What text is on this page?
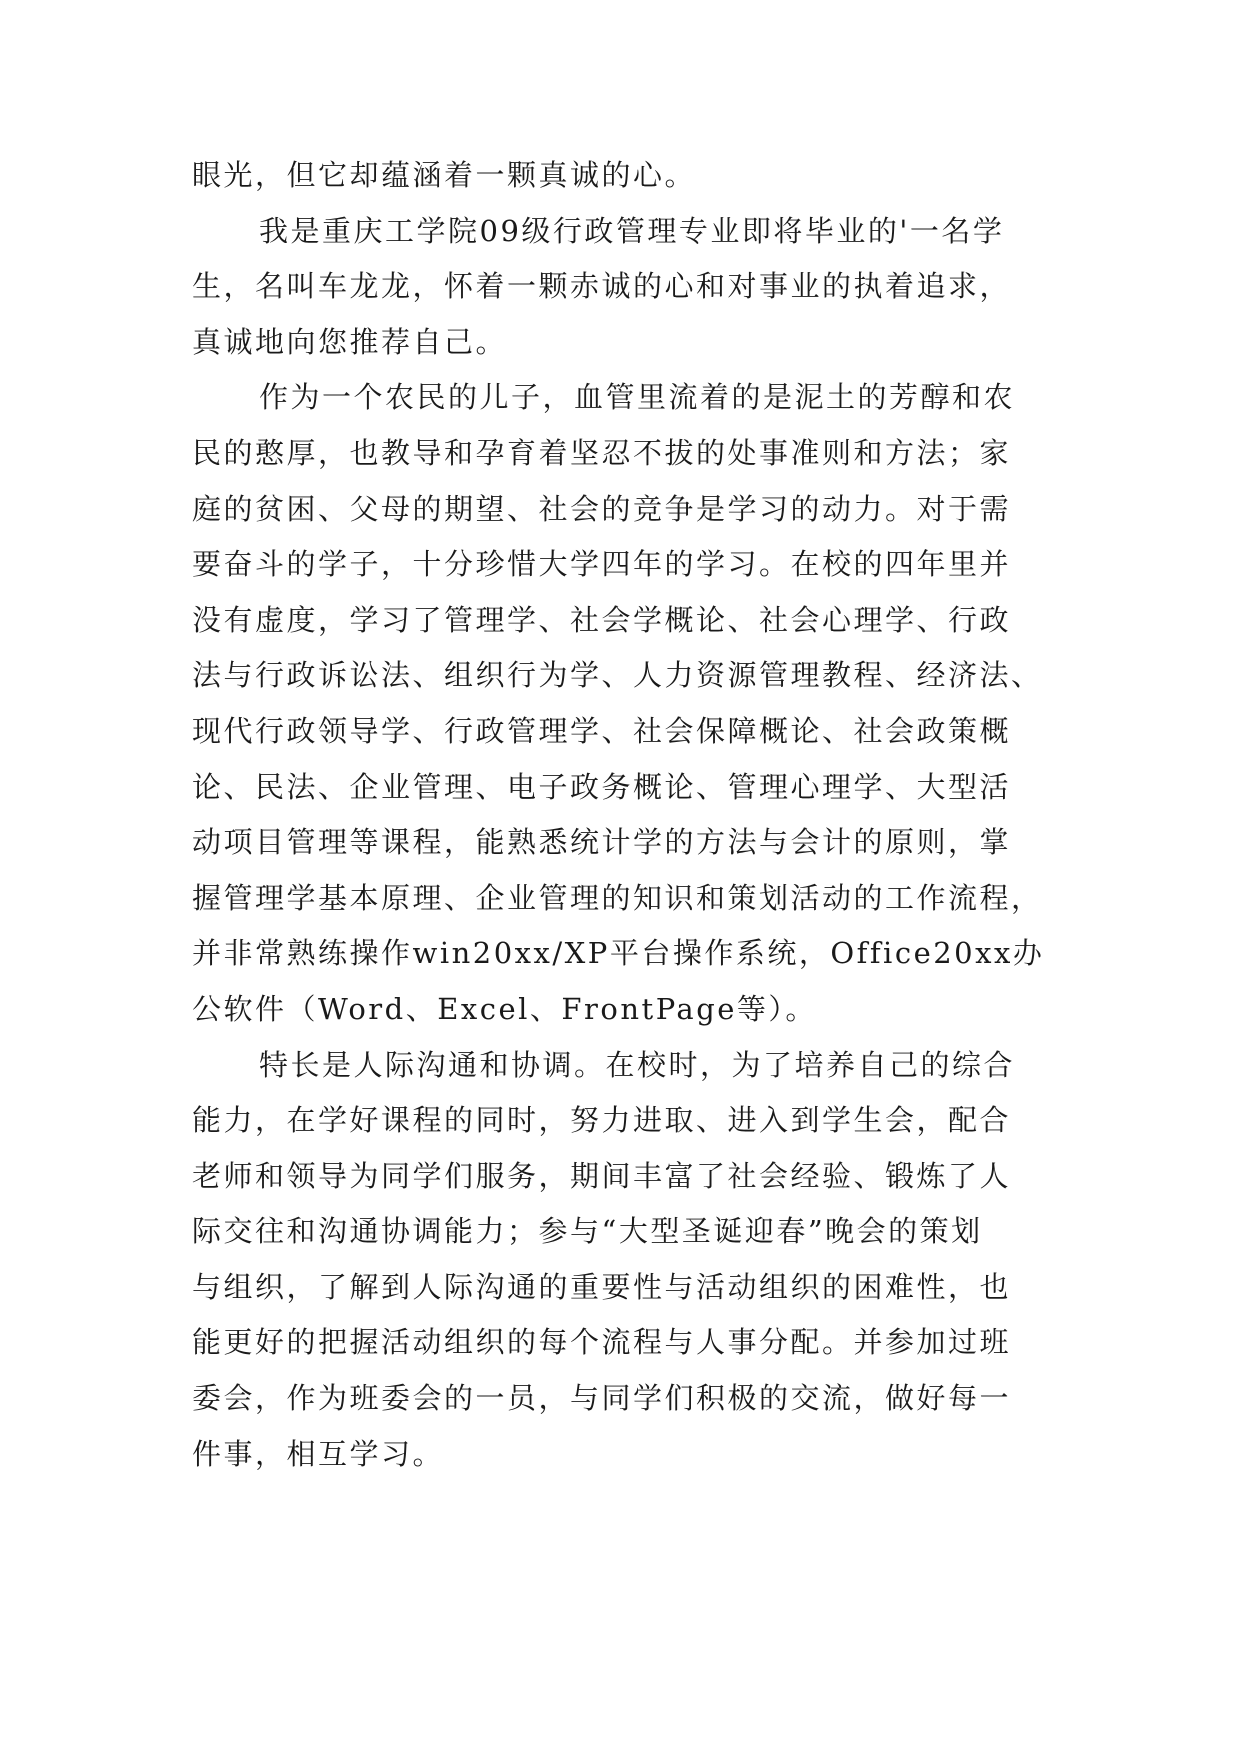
眼光，但它却蕴涵着一颗真诚的心。
我是重庆工学院09级行政管理专业即将毕业的'一名学
生，名叫车龙龙，怀着一颗赤诚的心和对事业的执着追求，
真诚地向您推荐自己。
作为一个农民的儿子，血管里流着的是泥土的芳醇和农
民的憨厚，也教导和孕育着坚忍不拔的处事准则和方法；家
庭的贫困、父母的期望、社会的竞争是学习的动力。对于需
要奋斗的学子，十分珍惜大学四年的学习。在校的四年里并
没有虚度，学习了管理学、社会学概论、社会心理学、行政
法与行政诉讼法、组织行为学、人力资源管理教程、经济法、
现代行政领导学、行政管理学、社会保障概论、社会政策概
论、民法、企业管理、电子政务概论、管理心理学、大型活
动项目管理等课程，能熟悉统计学的方法与会计的原则，掌
握管理学基本原理、企业管理的知识和策划活动的工作流程，
并非常熟练操作win20xx/XP平台操作系统，Office20xx办
公软件（Word、Excel、FrontPage等）。
特长是人际沟通和协调。在校时，为了培养自己的综合
能力，在学好课程的同时，努力进取、进入到学生会，配合
老师和领导为同学们服务，期间丰富了社会经验、锻炼了人
际交往和沟通协调能力；参与“大型圣诞迎春”晚会的策划
与组织，了解到人际沟通的重要性与活动组织的困难性，也
能更好的把握活动组织的每个流程与人事分配。并参加过班
委会，作为班委会的一员，与同学们积极的交流，做好每一
件事，相互学习。
